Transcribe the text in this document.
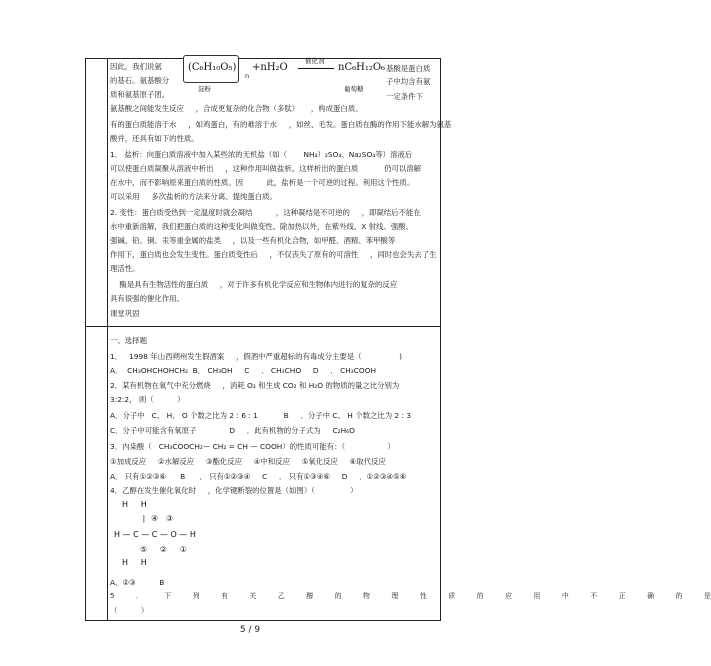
(C₆H₁₀O₅)
n
+nH₂O
催化剂
nC₆H₁₂O₆
淀粉	葡萄糖
基酸是蛋白质
子中均含有氨
一定条件下
因此，我们说氨
的基石。氨基酸分
质和氨基原子团。
氨基酸之间能发生反应     ，合成更复杂的化合物（多肽）     ，构成蛋白质。
有的蛋白质能溶于水     ，如鸡蛋白，有的难溶于水     ，如丝、毛发。蛋白质在酶的作用下能水解为氨基
酸并，还具有如下的性质。
1． 盐析：向蛋白质溶液中加入某些浓的无机盐（如（       NH₄）₂SO₄、Na₂SO₄等）溶液后
可以使蛋白质凝聚从溶液中析出     ，这种作用叫做盐析。这样析出的蛋白质           仍可以溶解
在水中，而不影响原来蛋白质的性质。因          此，盐析是一个可逆的过程。利用这个性质。
可以采用     多次盐析的方法来分离、提纯蛋白质。
2. 变性：蛋白质受热到一定温度时就会凝结          ，这种凝结是不可逆的     ，即凝结后不能在
水中重新溶解，我们把蛋白质的这种变化叫做变性。除加热以外，在紫外线、X 射线、强酸、
强碱、铅、铜、汞等重金属的盐类     ，以及一些有机化合物，如甲醛、酒精、苯甲酸等
作用下，蛋白质也会发生变性。蛋白质变性后     ，不仅丧失了原有的可溶性     ，同时也会失去了生
理活性。
酶是具有生物活性的蛋白质     ，对于许多有机化学反应和生物体内进行的复杂的反应
具有很强的催化作用。
课堂巩固
一、选择题
1．   1998 年山西朔州发生假酒案     ，假酒中严重超标的有毒成分主要是（                )
A．  CH₃OHCHOHCH₂  B． CH₃OH     C     ． CH₃CHO     D     ． CH₃COOH
2．某有机物在氧气中充分燃烧     ，消耗 O₂ 和生成 CO₂ 和 H₂O 的物质的量之比分别为
3:2:2， 则（          ）
A．分子中   C、 H、 O 个数之比为 2 : 6 : 1           B     ．分子中 C、 H 个数之比为 2 : 3
C．分子中可能含有氧原子              D     ．此有机物的分子式为     C₂H₆O
3．内桒酸（   CH₃COOCH₂— CH₂ = CH — COOH）的性质可能有：（                  ）
①加成反应     ②水解反应     ③酯化反应     ④中和反应     ⑤氧化反应     ⑥取代反应
A． 只有①②③⑥      B      ． 只有①②③④     C     ． 只有①③④⑥     D     ．①②③④⑤⑥
4．乙醇在发生催化氧化时     ，化学键断裂的位置是（如图）（               ）
H     H
∣  ④   ③
H — C — C — O — H
⑤     ②     ①
H     H
A、②③          B
5          ．          下          列          有          关          乙          醇          的          物          理          性          质          的          应          用          中          不          正          确          的          是
（          ）
5 / 9
